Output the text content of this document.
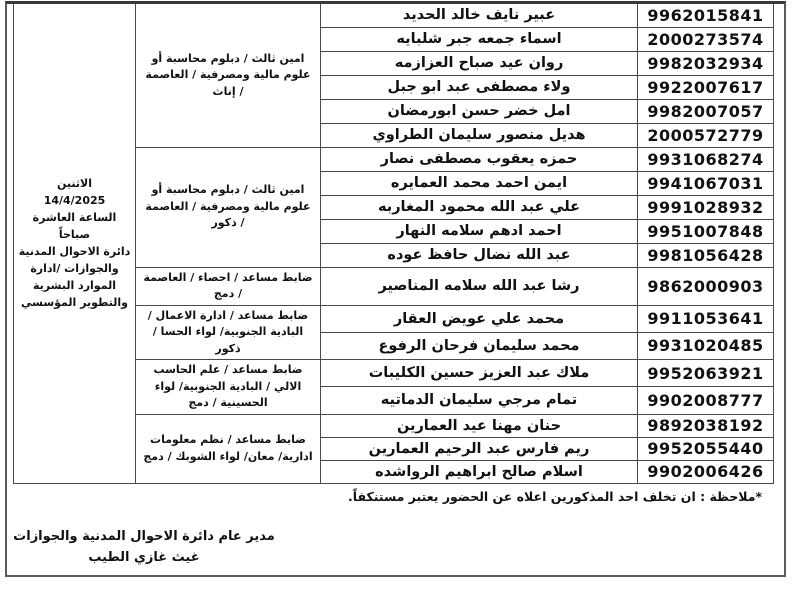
الاثنين
14/4/2025
الساعة العاشرة صباحاً
دائرة الاحوال المدنية
والجوازات /ادارة
الموارد البشرية
والتطوير المؤسسي
	امين ثالث / دبلوم محاسبة أو علوم مالية ومصرفية / العاصمة / إناث	عبير نايف خالد الحديد	9962015841
		اسماء جمعه جبر شلبايه	2000273574
		روان عيد صباح العزازمه	9982032934
		ولاء مصطفى عبد ابو جبل	9922007617
		امل خضر حسن ابورمضان	9982007057
		هديل منصور سليمان الطراوي	2000572779
	امين ثالث / دبلوم محاسبة أو علوم مالية ومصرفية / العاصمة / ذكور	حمزه يعقوب مصطفى نصار	9931068274
		ايمن احمد محمد العمايره	9941067031
		علي عبد الله محمود المغاربه	9991028932
		احمد ادهم سلامه النهار	9951007848
		عبد الله نضال حافظ عوده	9981056428
	ضابط مساعد / احصاء / العاصمة / دمج	رشا عبد الله سلامه المناصير	9862000903
	ضابط مساعد / ادارة الاعمال / البادية الجنوبية/ لواء الحسا / ذكور	محمد علي عويض العقار	9911053641
		محمد سليمان فرحان الرفوع	9931020485
	ضابط مساعد / علم الحاسب الالي / البادية الجنوبية/ لواء الحسينية / دمج	ملاك عبد العزيز حسين الكليبات	9952063921
		تمام مرجي سليمان الدماتيه	9902008777
	ضابط مساعد / نظم معلومات ادارية/ معان/ لواء الشوبك / دمج	حنان مهنا عيد العمارين	9892038192
		ريم فارس عبد الرحيم العمارين	9952055440
		اسلام صالح ابراهيم الرواشده	9902006426
*ملاحظة : ان تخلف احد المذكورين اعلاه عن الحضور يعتبر مستنكفاً.
مدير عام دائرة الاحوال المدنية والجوازات
غيث غازي الطيب
